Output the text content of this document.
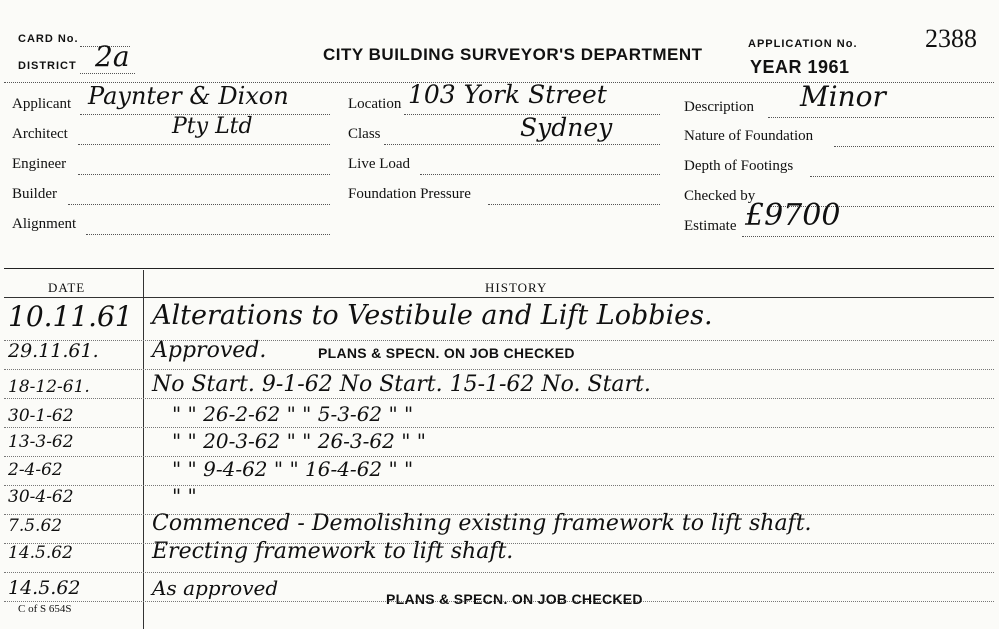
CARD No.
DISTRICT 2a	CITY BUILDING SURVEYOR'S DEPARTMENT
APPLICATION No.	2388
YEAR 1961
Applicant Paynter & Dixon
Architect	Pty Ltd
Engineer
Builder
Alignment
Location 103 York Street
Class	Sydney
Live Load
Foundation Pressure
Description Minor
Nature of Foundation
Depth of Footings
Checked by
Estimate £9700
DATE	HISTORY
10.11.61 Alterations to Vestibule and Lift Lobbies.
29.11.61.	Approved.	PLANS & SPECN. ON JOB CHECKED
18-12-61.	No Start. 9-1-62 No Start. 15-1-62 No. Start.
30-1-62	" " 26-2-62 " " 5-3-62 " "
13-3-62	" " 20-3-62 " " 26-3-62 " "
2-4-62	" " 9-4-62 " " 16-4-62 " "
30-4-62	" "
7.5.62	Commenced - Demolishing existing framework to lift shaft.
14.5.62	Erecting framework to lift shaft.
14.5.62	As approved	PLANS & SPECN. ON JOB CHECKED
C of S 654S
